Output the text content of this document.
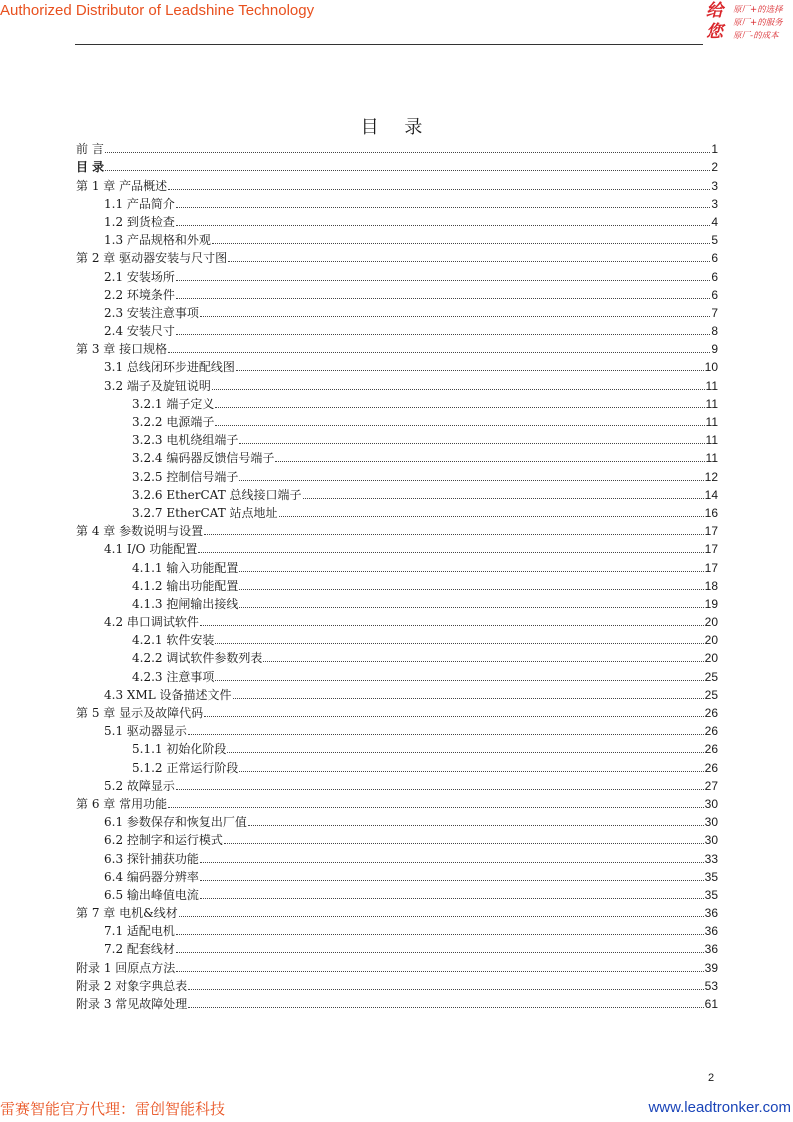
Authorized Distributor of Leadshine Technology	给
您
原厂+的选择
原厂+的服务
原厂-的成本
目 录
前 言	1
目 录	2
第 1 章 产品概述	3
1.1 产品简介	3
1.2 到货检查	4
1.3 产品规格和外观	5
第 2 章 驱动器安装与尺寸图	6
2.1 安装场所	6
2.2 环境条件	6
2.3 安装注意事项	7
2.4 安装尺寸	8
第 3 章 接口规格	9
3.1 总线闭环步进配线图	10
3.2 端子及旋钮说明	11
3.2.1 端子定义	11
3.2.2 电源端子	11
3.2.3 电机绕组端子	11
3.2.4 编码器反馈信号端子	11
3.2.5 控制信号端子	12
3.2.6 EtherCAT 总线接口端子	14
3.2.7 EtherCAT 站点地址	16
第 4 章 参数说明与设置	17
4.1 I/O 功能配置	17
4.1.1 输入功能配置	17
4.1.2 输出功能配置	18
4.1.3 抱闸输出接线	19
4.2 串口调试软件	20
4.2.1 软件安装	20
4.2.2 调试软件参数列表	20
4.2.3 注意事项	25
4.3 XML 设备描述文件	25
第 5 章 显示及故障代码	26
5.1 驱动器显示	26
5.1.1 初始化阶段	26
5.1.2 正常运行阶段	26
5.2 故障显示	27
第 6 章 常用功能	30
6.1 参数保存和恢复出厂值	30
6.2 控制字和运行模式	30
6.3 探针捕获功能	33
6.4 编码器分辨率	35
6.5 输出峰值电流	35
第 7 章 电机&线材	36
7.1 适配电机	36
7.2 配套线材	36
附录 1 回原点方法	39
附录 2 对象字典总表	53
附录 3 常见故障处理	61
2
雷赛智能官方代理：雷创智能科技	www.leadtronker.com
